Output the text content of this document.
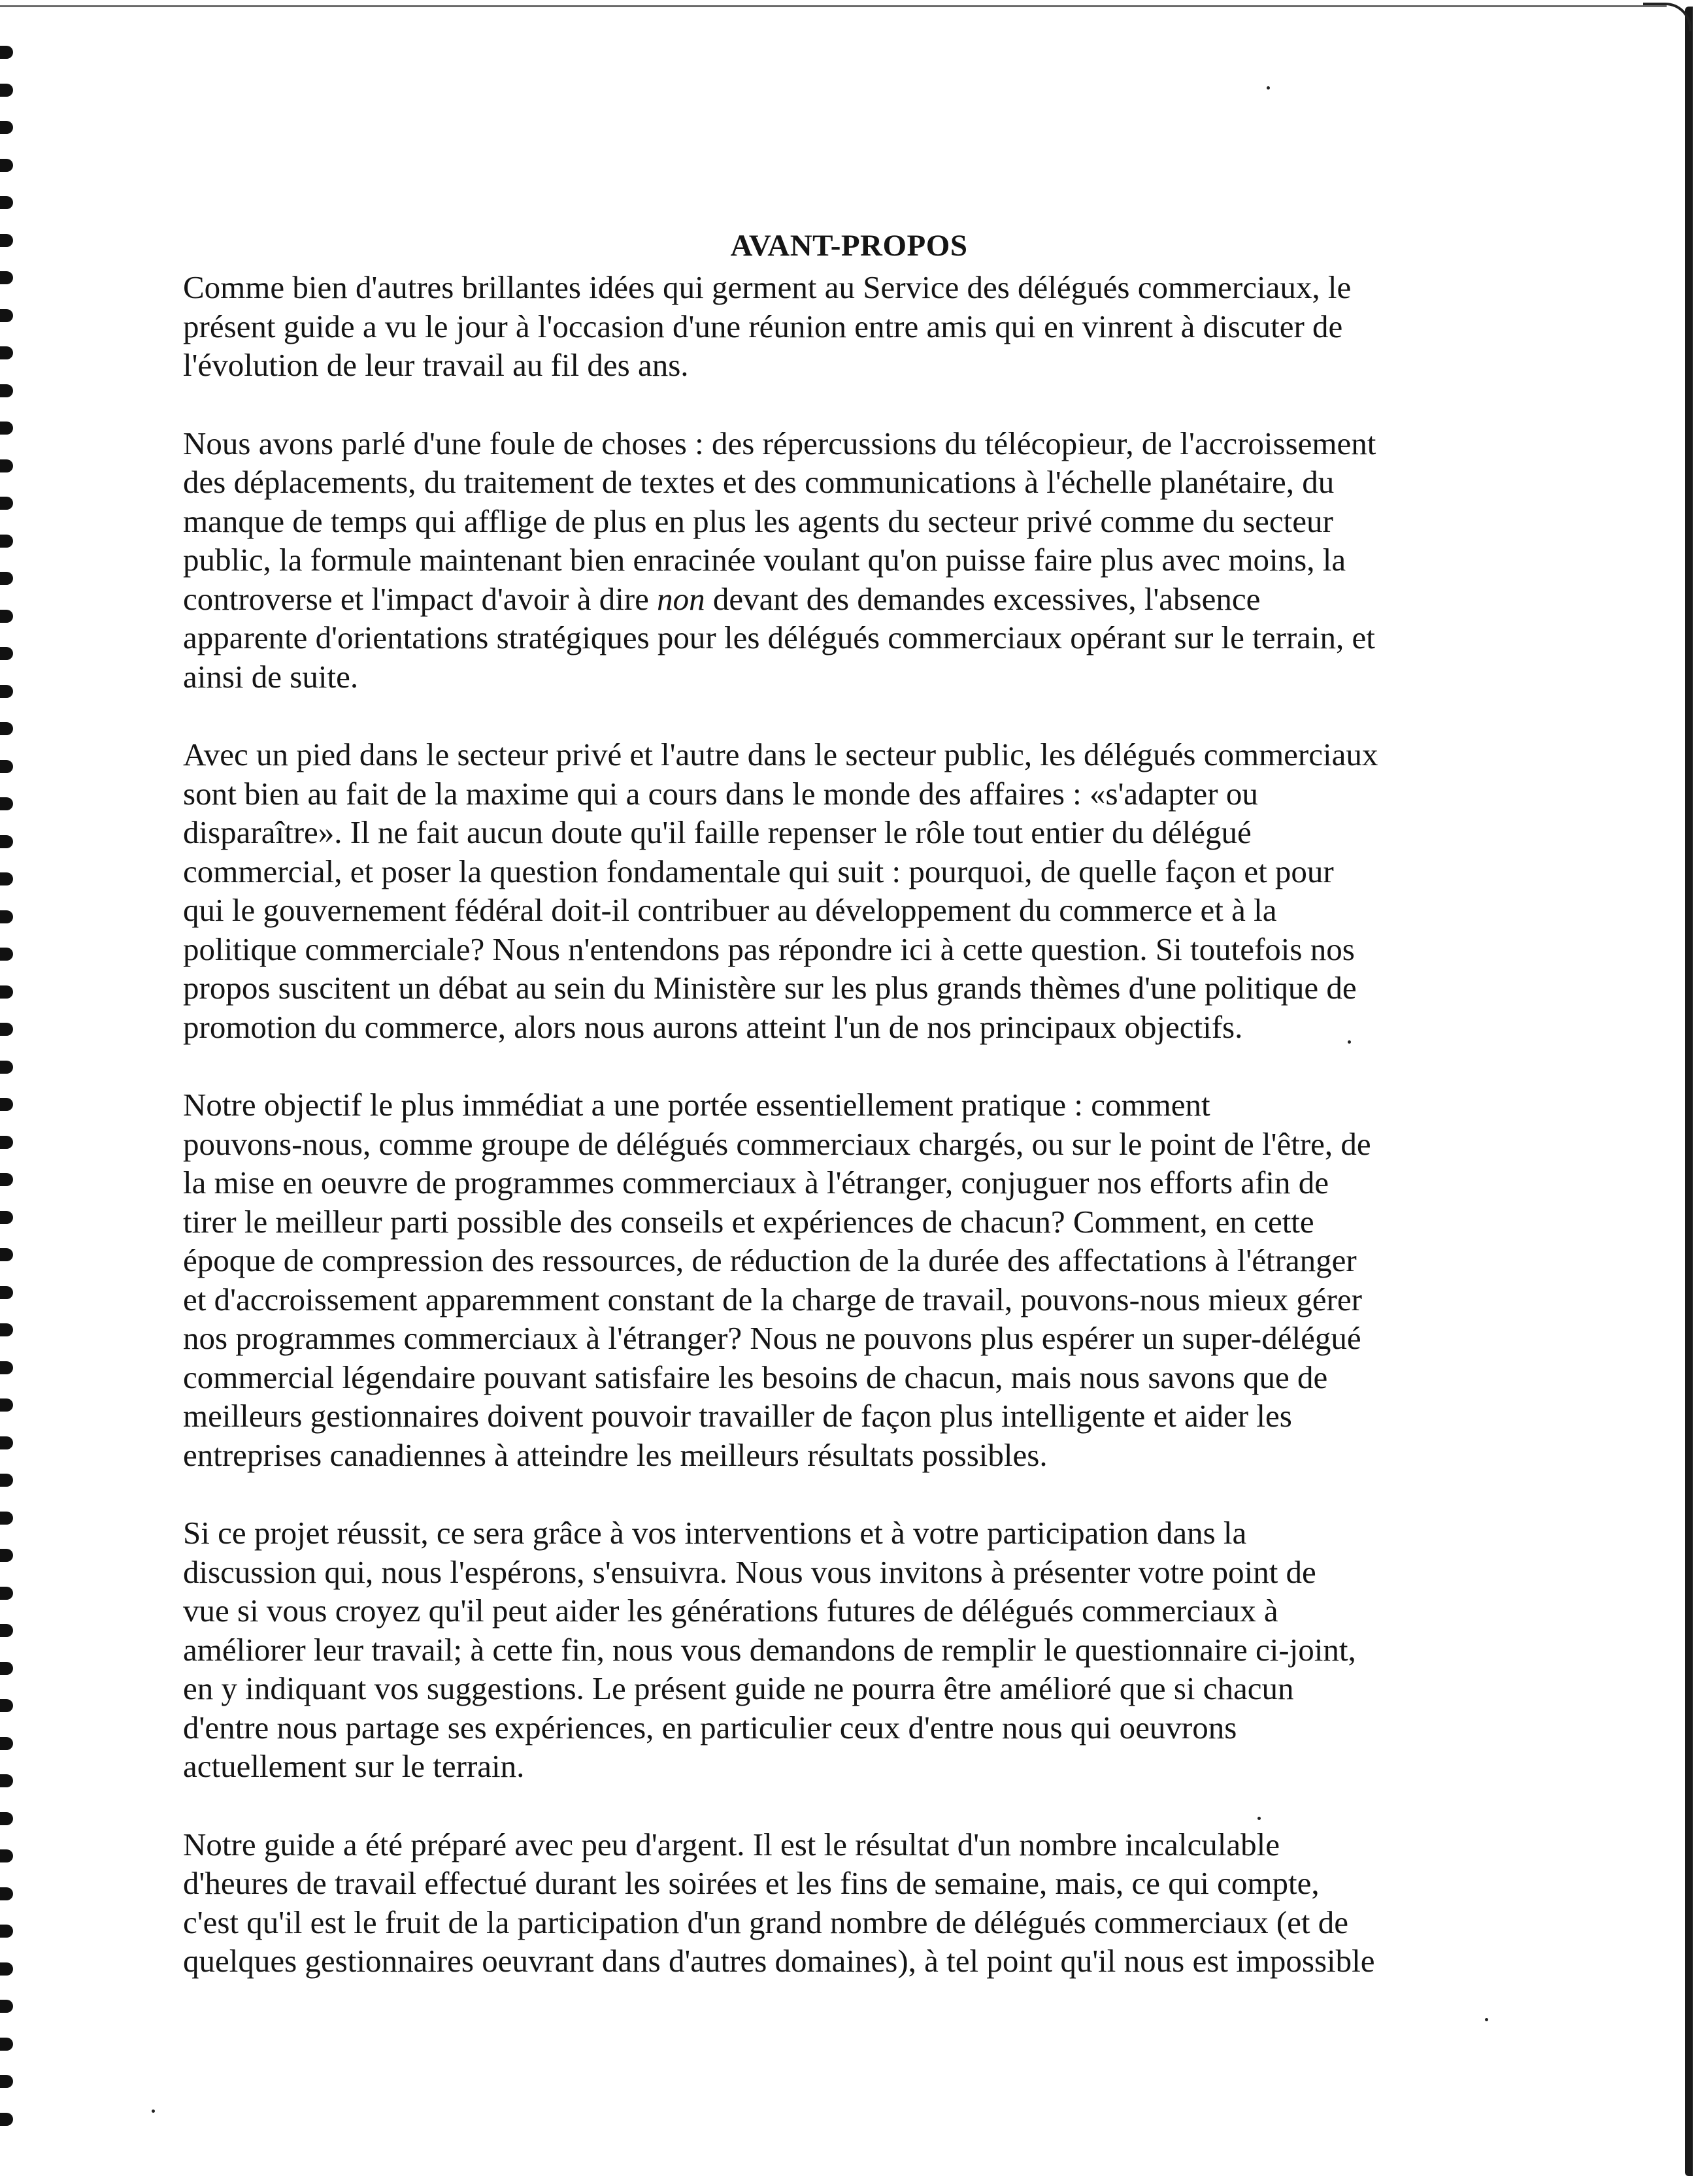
AVANT-PROPOS

Comme bien d'autres brillantes idées qui germent au Service des délégués commerciaux, le
présent guide a vu le jour à l'occasion d'une réunion entre amis qui en vinrent à discuter de
l'évolution de leur travail au fil des ans.

Nous avons parlé d'une foule de choses : des répercussions du télécopieur, de l'accroissement
des déplacements, du traitement de textes et des communications à l'échelle planétaire, du
manque de temps qui afflige de plus en plus les agents du secteur privé comme du secteur
public, la formule maintenant bien enracinée voulant qu'on puisse faire plus avec moins, la
controverse et l'impact d'avoir à dire non devant des demandes excessives, l'absence
apparente d'orientations stratégiques pour les délégués commerciaux opérant sur le terrain, et
ainsi de suite.

Avec un pied dans le secteur privé et l'autre dans le secteur public, les délégués commerciaux
sont bien au fait de la maxime qui a cours dans le monde des affaires : «s'adapter ou
disparaître». Il ne fait aucun doute qu'il faille repenser le rôle tout entier du délégué
commercial, et poser la question fondamentale qui suit : pourquoi, de quelle façon et pour
qui le gouvernement fédéral doit-il contribuer au développement du commerce et à la
politique commerciale? Nous n'entendons pas répondre ici à cette question. Si toutefois nos
propos suscitent un débat au sein du Ministère sur les plus grands thèmes d'une politique de
promotion du commerce, alors nous aurons atteint l'un de nos principaux objectifs.

Notre objectif le plus immédiat a une portée essentiellement pratique : comment
pouvons-nous, comme groupe de délégués commerciaux chargés, ou sur le point de l'être, de
la mise en oeuvre de programmes commerciaux à l'étranger, conjuguer nos efforts afin de
tirer le meilleur parti possible des conseils et expériences de chacun? Comment, en cette
époque de compression des ressources, de réduction de la durée des affectations à l'étranger
et d'accroissement apparemment constant de la charge de travail, pouvons-nous mieux gérer
nos programmes commerciaux à l'étranger? Nous ne pouvons plus espérer un super-délégué
commercial légendaire pouvant satisfaire les besoins de chacun, mais nous savons que de
meilleurs gestionnaires doivent pouvoir travailler de façon plus intelligente et aider les
entreprises canadiennes à atteindre les meilleurs résultats possibles.

Si ce projet réussit, ce sera grâce à vos interventions et à votre participation dans la
discussion qui, nous l'espérons, s'ensuivra. Nous vous invitons à présenter votre point de
vue si vous croyez qu'il peut aider les générations futures de délégués commerciaux à
améliorer leur travail; à cette fin, nous vous demandons de remplir le questionnaire ci-joint,
en y indiquant vos suggestions. Le présent guide ne pourra être amélioré que si chacun
d'entre nous partage ses expériences, en particulier ceux d'entre nous qui oeuvrons
actuellement sur le terrain.

Notre guide a été préparé avec peu d'argent. Il est le résultat d'un nombre incalculable
d'heures de travail effectué durant les soirées et les fins de semaine, mais, ce qui compte,
c'est qu'il est le fruit de la participation d'un grand nombre de délégués commerciaux (et de
quelques gestionnaires oeuvrant dans d'autres domaines), à tel point qu'il nous est impossible
